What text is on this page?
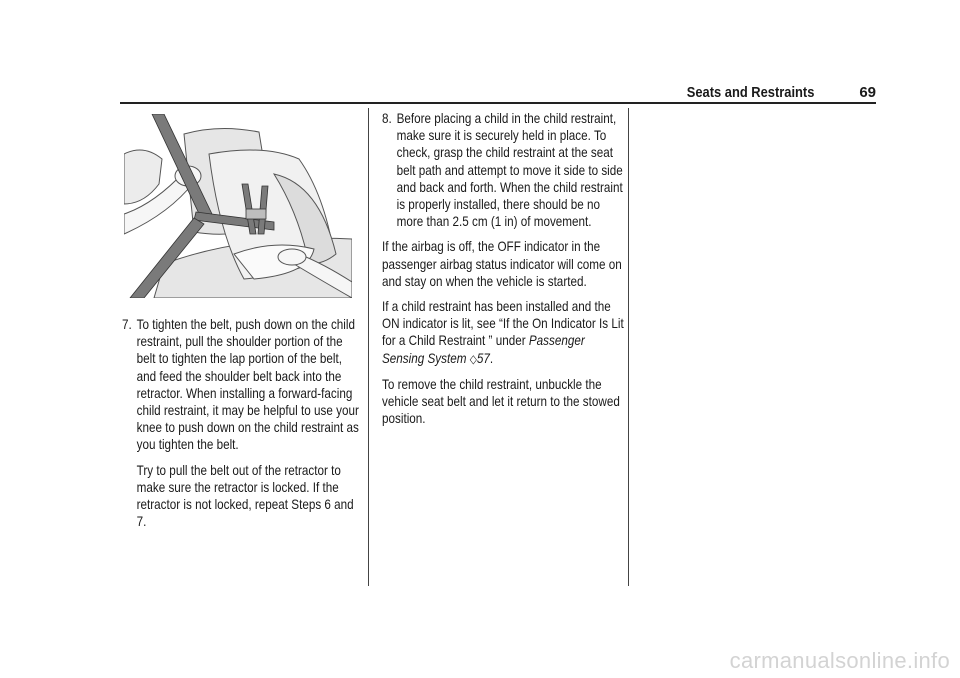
Seats and Restraints	69
7. To tighten the belt, push down on the child restraint, pull the shoulder portion of the belt to tighten the lap portion of the belt, and feed the shoulder belt back into the retractor. When installing a forward-facing child restraint, it may be helpful to use your knee to push down on the child restraint as you tighten the belt.

Try to pull the belt out of the retractor to make sure the retractor is locked. If the retractor is not locked, repeat Steps 6 and 7.

8. Before placing a child in the child restraint, make sure it is securely held in place. To check, grasp the child restraint at the seat belt path and attempt to move it side to side and back and forth. When the child restraint is properly installed, there should be no more than 2.5 cm (1 in) of movement.

If the airbag is off, the OFF indicator in the passenger airbag status indicator will come on and stay on when the vehicle is started.

If a child restraint has been installed and the ON indicator is lit, see “If the On Indicator Is Lit for a Child Restraint ” under Passenger Sensing System ◇57.

To remove the child restraint, unbuckle the vehicle seat belt and let it return to the stowed position.

carmanualsonline.info
